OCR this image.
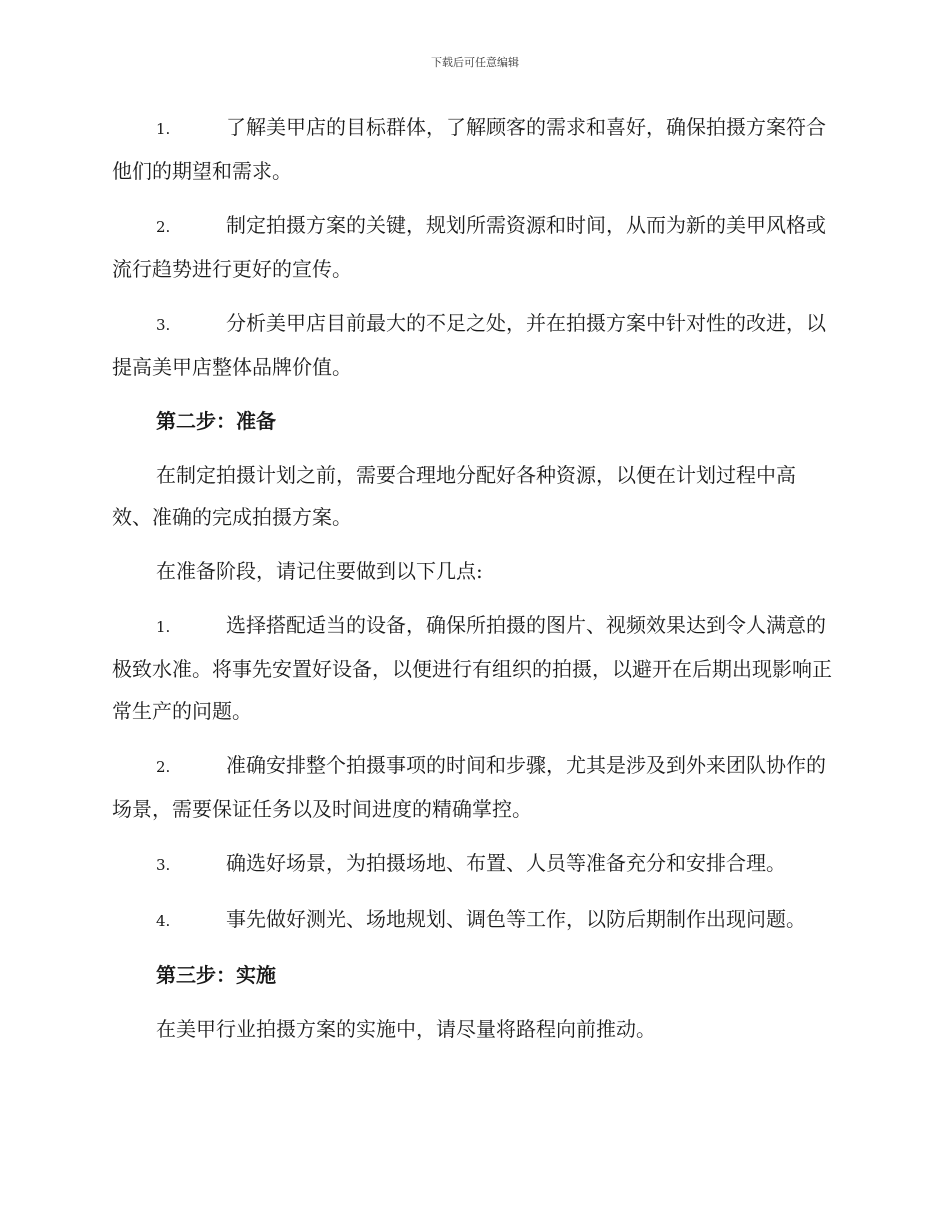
下载后可任意编辑

1.	了解美甲店的目标群体，了解顾客的需求和喜好，确保拍摄方案符合他们的期望和需求。

2.	制定拍摄方案的关键，规划所需资源和时间，从而为新的美甲风格或流行趋势进行更好的宣传。

3.	分析美甲店目前最大的不足之处，并在拍摄方案中针对性的改进，以提高美甲店整体品牌价值。

第二步：准备

在制定拍摄计划之前，需要合理地分配好各种资源，以便在计划过程中高效、准确的完成拍摄方案。

在准备阶段，请记住要做到以下几点:

1.	选择搭配适当的设备，确保所拍摄的图片、视频效果达到令人满意的极致水准。将事先安置好设备，以便进行有组织的拍摄，以避开在后期出现影响正常生产的问题。

2.	准确安排整个拍摄事项的时间和步骤，尤其是涉及到外来团队协作的场景，需要保证任务以及时间进度的精确掌控。

3.	确选好场景，为拍摄场地、布置、人员等准备充分和安排合理。

4.	事先做好测光、场地规划、调色等工作，以防后期制作出现问题。

第三步：实施

在美甲行业拍摄方案的实施中，请尽量将路程向前推动。
